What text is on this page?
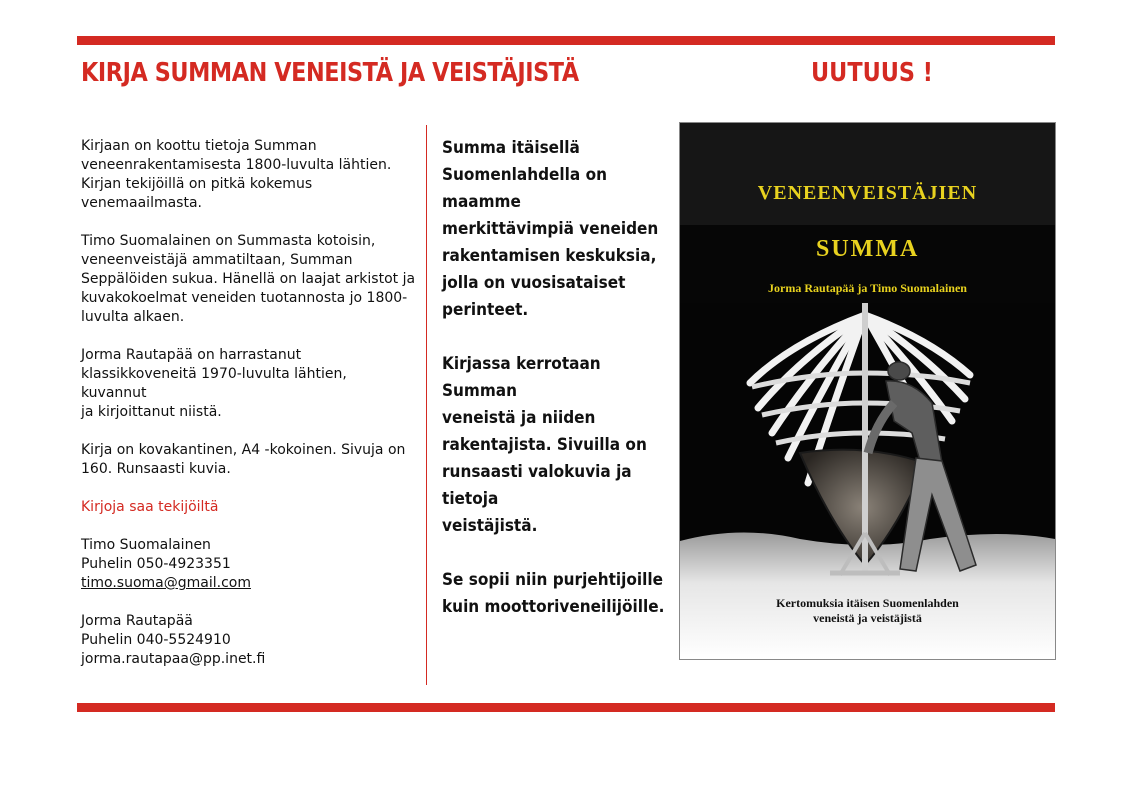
KIRJA SUMMAN VENEISTÄ JA VEISTÄJISTÄ	UUTUUS !

Kirjaan on koottu tietoja Summan
veneenrakentamisesta 1800-luvulta lähtien.
Kirjan tekijöillä on pitkä kokemus
venemaailmasta.

Timo Suomalainen on Summasta kotoisin,
veneenveistäjä ammatiltaan, Summan
Seppälöiden sukua. Hänellä on laajat arkistot ja
kuvakokoelmat veneiden tuotannosta jo 1800-
luvulta alkaen.

Jorma Rautapää on harrastanut
klassikkoveneitä 1970-luvulta lähtien, kuvannut
ja kirjoittanut niistä.

Kirja on kovakantinen, A4 -kokoinen. Sivuja on
160. Runsaasti kuvia.

Kirjoja saa tekijöiltä

Timo Suomalainen
Puhelin 050-4923351
timo.suoma@gmail.com

Jorma Rautapää
Puhelin 040-5524910
jorma.rautapaa@pp.inet.fi

Summa itäisellä
Suomenlahdella on maamme
merkittävimpiä veneiden
rakentamisen keskuksia,
jolla on vuosisataiset
perinteet.

Kirjassa kerrotaan Summan
veneistä ja niiden
rakentajista. Sivuilla on
runsaasti valokuvia ja tietoja
veistäjistä.

Se sopii niin purjehtijoille
kuin moottoriveneilijöille.

VENEENVEISTÄJIEN
SUMMA
Jorma Rautapää ja Timo Suomalainen
Kertomuksia itäisen Suomenlahden
veneistä ja veistäjistä
